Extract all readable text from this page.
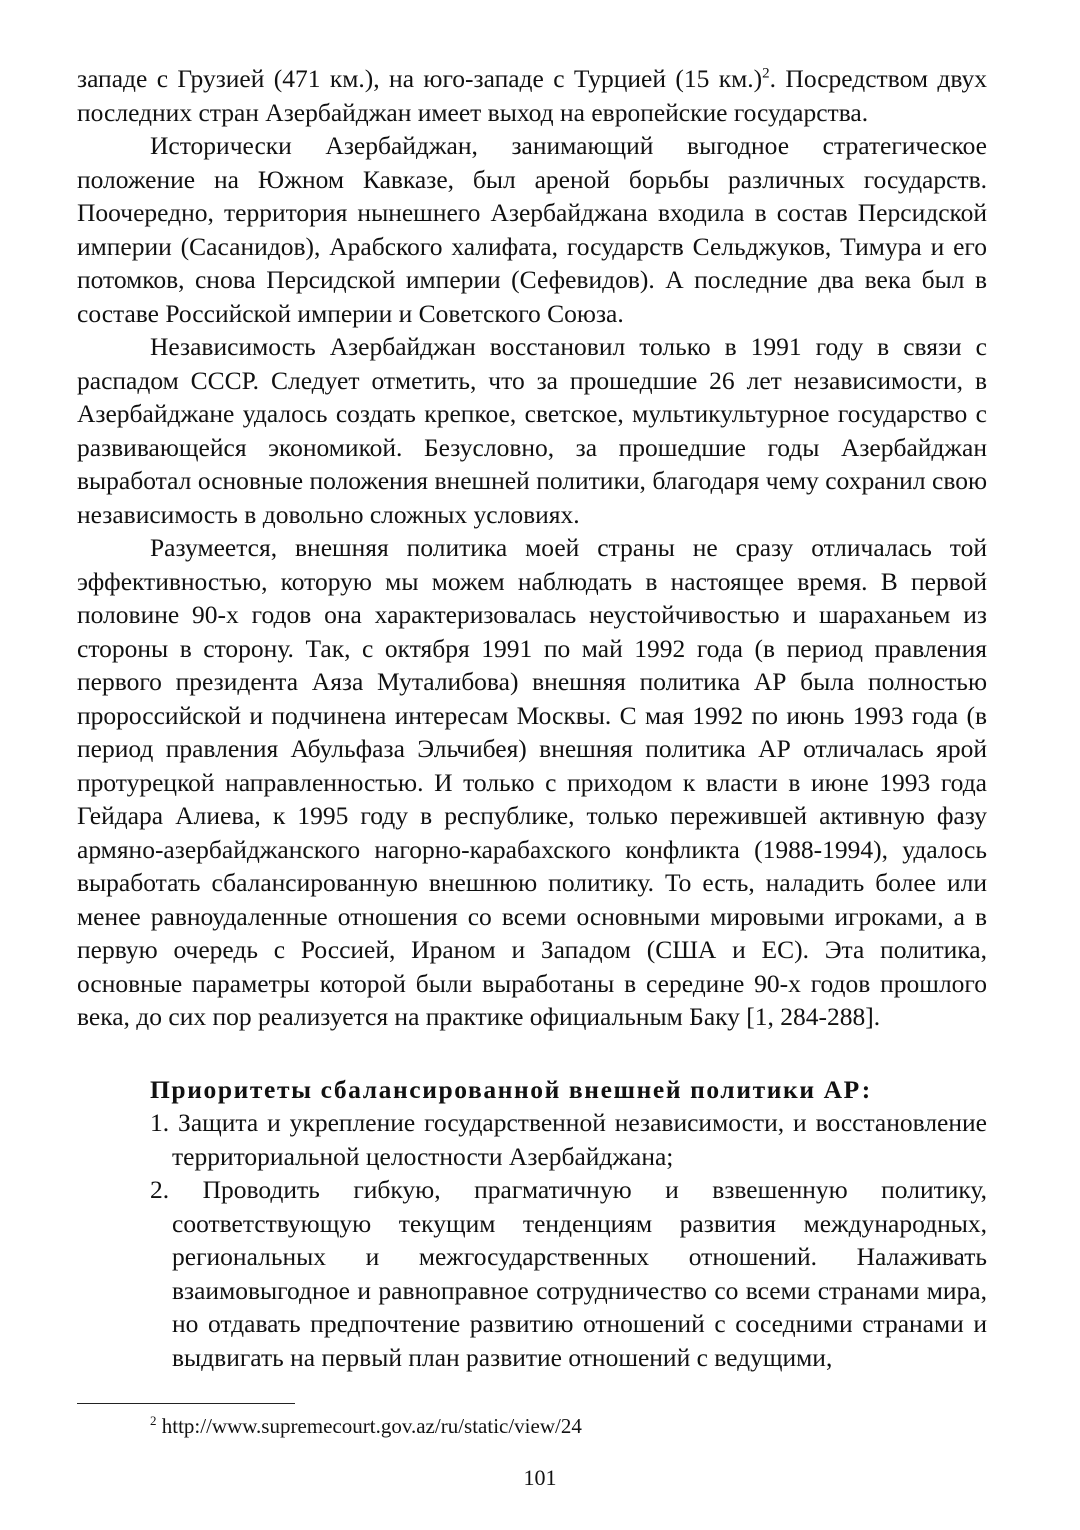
западе с Грузией (471 км.), на юго-западе с Турцией (15 км.)$^2$. Посредством двух последних стран Азербайджан имеет выход на европейские государства.

Исторически Азербайджан, занимающий выгодное стратегическое положение на Южном Кавказе, был ареной борьбы различных государств. Поочередно, территория нынешнего Азербайджана входила в состав Персидской империи (Сасанидов), Арабского халифата, государств Сельджуков, Тимура и его потомков, снова Персидской империи (Сефевидов). А последние два века был в составе Российской империи и Советского Союза.

Независимость Азербайджан восстановил только в 1991 году в связи с распадом СССР. Следует отметить, что за прошедшие 26 лет независимости, в Азербайджане удалось создать крепкое, светское, мультикультурное государство с развивающейся экономикой. Безусловно, за прошедшие годы Азербайджан выработал основные положения внешней политики, благодаря чему сохранил свою независимость в довольно сложных условиях.

Разумеется, внешняя политика моей страны не сразу отличалась той эффективностью, которую мы можем наблюдать в настоящее время. В первой половине 90-х годов она характеризовалась неустойчивостью и шараханьем из стороны в сторону. Так, с октября 1991 по май 1992 года (в период правления первого президента Аяза Муталибова) внешняя политика АР была полностью пророссийской и подчинена интересам Москвы. С мая 1992 по июнь 1993 года (в период правления Абульфаза Эльчибея) внешняя политика АР отличалась ярой протурецкой направленностью. И только с приходом к власти в июне 1993 года Гейдара Алиева, к 1995 году в республике, только пережившей активную фазу армяно-азербайджанского нагорно-карабахского конфликта (1988-1994), удалось выработать сбалансированную внешнюю политику. То есть, наладить более или менее равноудаленные отношения со всеми основными мировыми игроками, а в первую очередь с Россией, Ираном и Западом (США и ЕС). Эта политика, основные параметры которой были выработаны в середине 90-х годов прошлого века, до сих пор реализуется на практике официальным Баку [1, 284-288].

Приоритеты сбалансированной внешней политики АР:
1. Защита и укрепление государственной независимости, и восстановление территориальной целостности Азербайджана;
2. Проводить гибкую, прагматичную и взвешенную политику, соответствующую текущим тенденциям развития международных, региональных и межгосударственных отношений. Налаживать взаимовыгодное и равноправное сотрудничество со всеми странами мира, но отдавать предпочтение развитию отношений с соседними странами и выдвигать на первый план развитие отношений с ведущими,

$^2$ http://www.supremecourt.gov.az/ru/static/view/24

101
